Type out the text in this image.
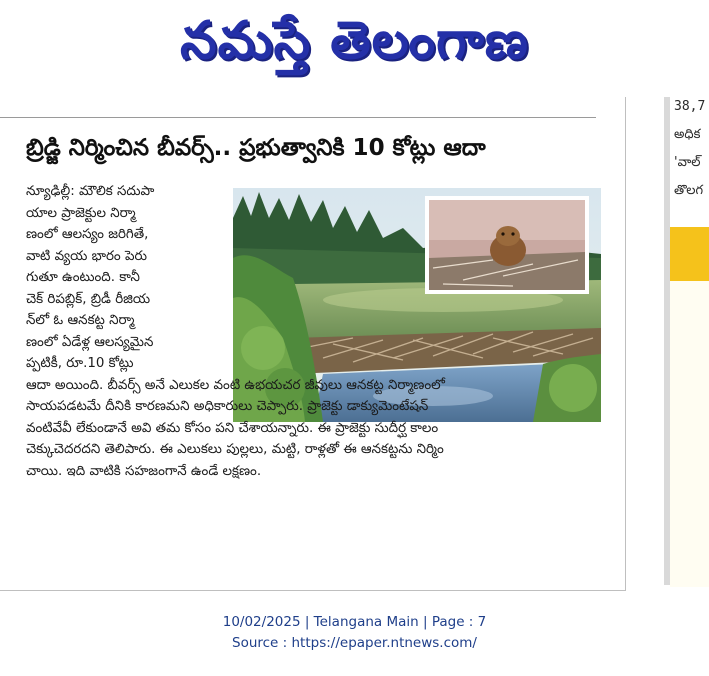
నమస్తే తెలంగాణ
బ్రిడ్జి నిర్మించిన బీవర్స్.. ప్రభుత్వానికి 10 కోట్లు ఆదా
న్యూఢిల్లీ: మౌలిక సదుపా
యాల ప్రాజెక్టుల నిర్మా
ణంలో ఆలస్యం జరిగితే,
వాటి వ్యయ భారం పెరు
గుతూ ఉంటుంది. కానీ
చెక్ రిపబ్లిక్, బ్రిడీ రీజియ
న్‌లో ఓ ఆనకట్ట నిర్మా
ణంలో ఏడేళ్ల ఆలస్యమైన
ప్పటికీ, రూ.10 కోట్లు
ఆదా అయింది. బీవర్స్ అనే ఎలుకల వంటి ఉభయచర జీవులు ఆనకట్ట నిర్మాణంలో
సాయపడటమే దీనికి కారణమని అధికారులు చెప్పారు. ప్రాజెక్టు డాక్యుమెంటేషన్
వంటివేవీ లేకుండానే అవి తమ కోసం పని చేశాయన్నారు. ఈ ప్రాజెక్టు సుదీర్ఘ కాలం
చెక్కుచెదరదని తెలిపారు. ఈ ఎలుకలు పుల్లలు, మట్టి, రాళ్లతో ఈ ఆనకట్టను నిర్మిం
చాయి. ఇది వాటికి సహజంగానే ఉండే లక్షణం.
38,7
అధిక
'వాల్
తొలగ
10/02/2025 | Telangana Main | Page : 7
Source : https://epaper.ntnews.com/
